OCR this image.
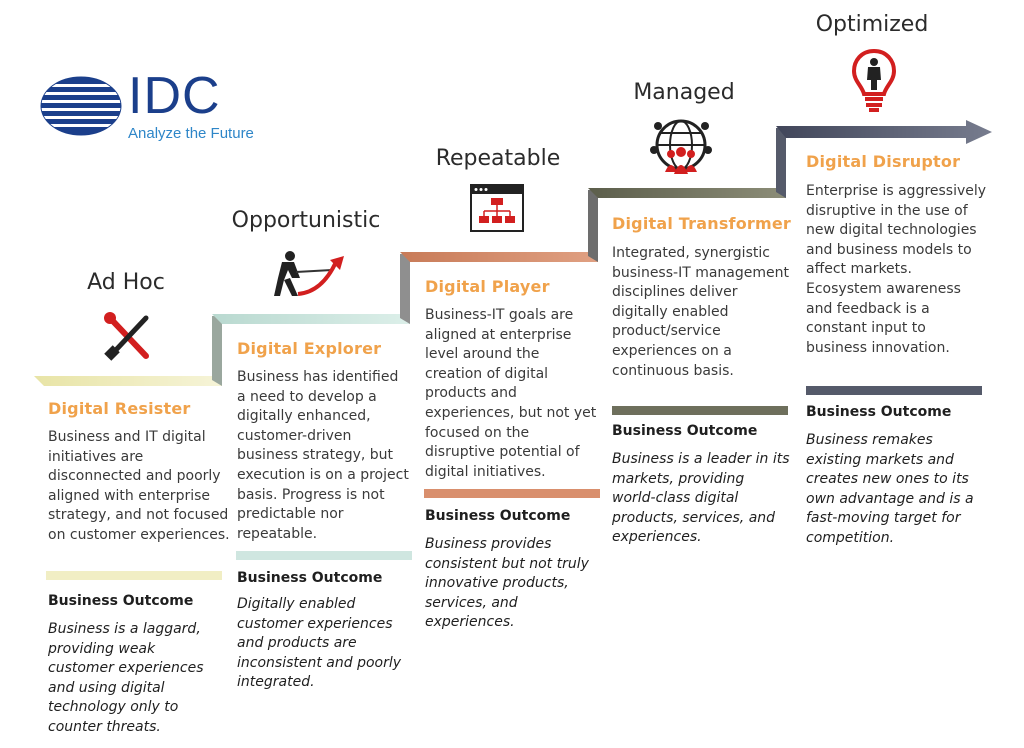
IDC
Analyze the Future
Ad Hoc
Digital Resister
Business and IT digital initiatives are disconnected and poorly aligned with enterprise strategy, and not focused on customer experiences.
Business Outcome
Business is a laggard, providing weak customer experiences and using digital technology only to counter threats.
Opportunistic
Digital Explorer
Business has identified a need to develop a digitally enhanced, customer-driven business strategy, but execution is on a project basis. Progress is not predictable nor repeatable.
Business Outcome
Digitally enabled customer experiences and products are inconsistent and poorly integrated.
Repeatable
Digital Player
Business-IT goals are aligned at enterprise level around the creation of digital products and experiences, but not yet focused on the disruptive potential of digital initiatives.
Business Outcome
Business provides consistent but not truly innovative products, services, and experiences.
Managed
Digital Transformer
Integrated, synergistic business-IT management disciplines deliver digitally enabled product/service experiences on a continuous basis.
Business Outcome
Business is a leader in its markets, providing world-class digital products, services, and experiences.
Optimized
Digital Disruptor
Enterprise is aggressively disruptive in the use of new digital technologies and business models to affect markets. Ecosystem awareness and feedback is a constant input to business innovation.
Business Outcome
Business remakes existing markets and creates new ones to its own advantage and is a fast-moving target for competition.
